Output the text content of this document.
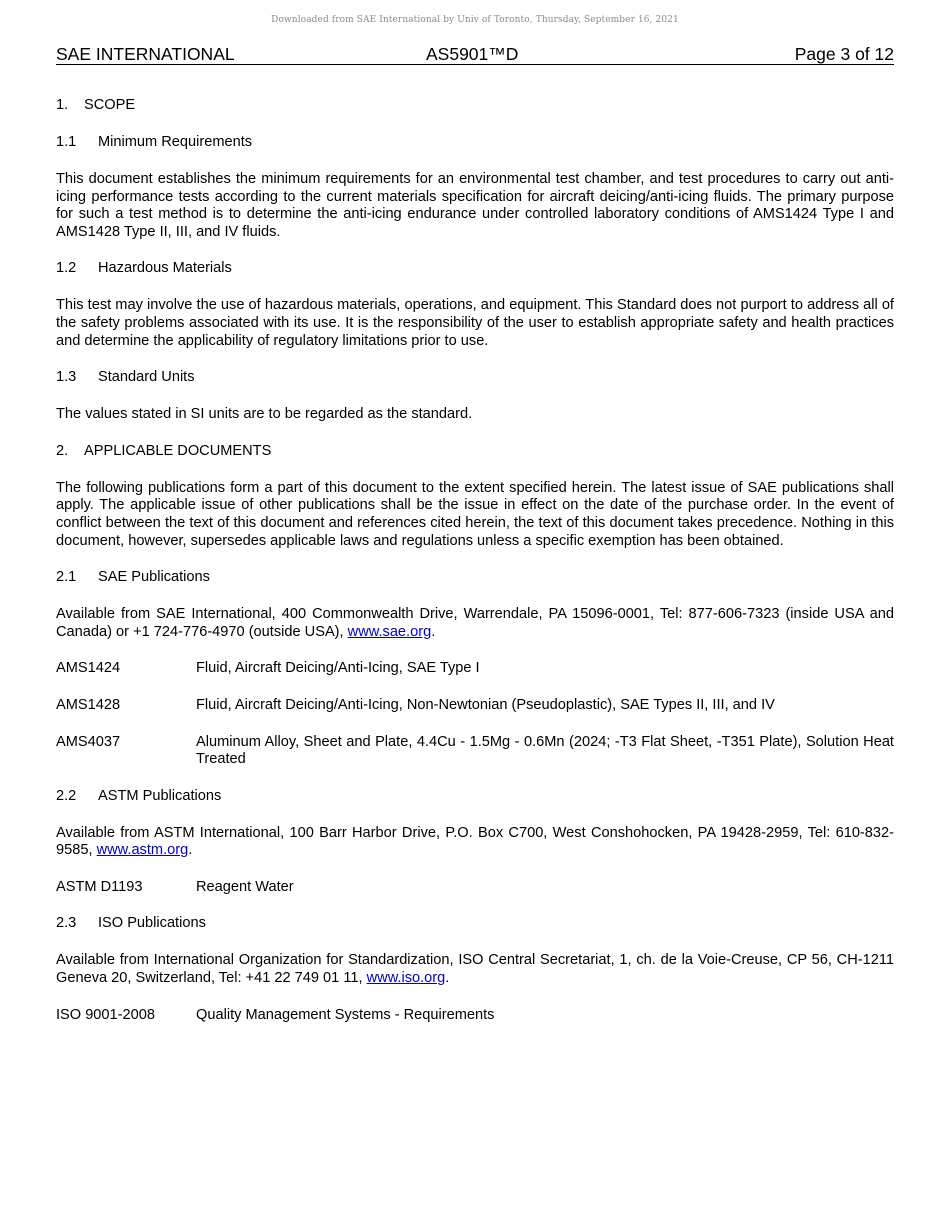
Downloaded from SAE International by Univ of Toronto, Thursday, September 16, 2021
SAE INTERNATIONAL	AS5901™D	Page 3 of 12
1. SCOPE
1.1 Minimum Requirements

This document establishes the minimum requirements for an environmental test chamber, and test procedures to carry out anti-icing performance tests according to the current materials specification for aircraft deicing/anti-icing fluids. The primary purpose for such a test method is to determine the anti-icing endurance under controlled laboratory conditions of AMS1424 Type I and AMS1428 Type II, III, and IV fluids.

1.2 Hazardous Materials

This test may involve the use of hazardous materials, operations, and equipment. This Standard does not purport to address all of the safety problems associated with its use. It is the responsibility of the user to establish appropriate safety and health practices and determine the applicability of regulatory limitations prior to use.

1.3 Standard Units

The values stated in SI units are to be regarded as the standard.

2. APPLICABLE DOCUMENTS

The following publications form a part of this document to the extent specified herein. The latest issue of SAE publications shall apply. The applicable issue of other publications shall be the issue in effect on the date of the purchase order. In the event of conflict between the text of this document and references cited herein, the text of this document takes precedence. Nothing in this document, however, supersedes applicable laws and regulations unless a specific exemption has been obtained.

2.1 SAE Publications

Available from SAE International, 400 Commonwealth Drive, Warrendale, PA 15096-0001, Tel: 877-606-7323 (inside USA and Canada) or +1 724-776-4970 (outside USA), www.sae.org.

AMS1424	Fluid, Aircraft Deicing/Anti-Icing, SAE Type I
AMS1428	Fluid, Aircraft Deicing/Anti-Icing, Non-Newtonian (Pseudoplastic), SAE Types II, III, and IV
AMS4037	Aluminum Alloy, Sheet and Plate, 4.4Cu - 1.5Mg - 0.6Mn (2024; -T3 Flat Sheet, -T351 Plate), Solution Heat Treated
2.2 ASTM Publications

Available from ASTM International, 100 Barr Harbor Drive, P.O. Box C700, West Conshohocken, PA 19428-2959, Tel: 610-832-9585, www.astm.org.

ASTM D1193	Reagent Water
2.3 ISO Publications

Available from International Organization for Standardization, ISO Central Secretariat, 1, ch. de la Voie-Creuse, CP 56, CH-1211 Geneva 20, Switzerland, Tel: +41 22 749 01 11, www.iso.org.

ISO 9001-2008	Quality Management Systems - Requirements
